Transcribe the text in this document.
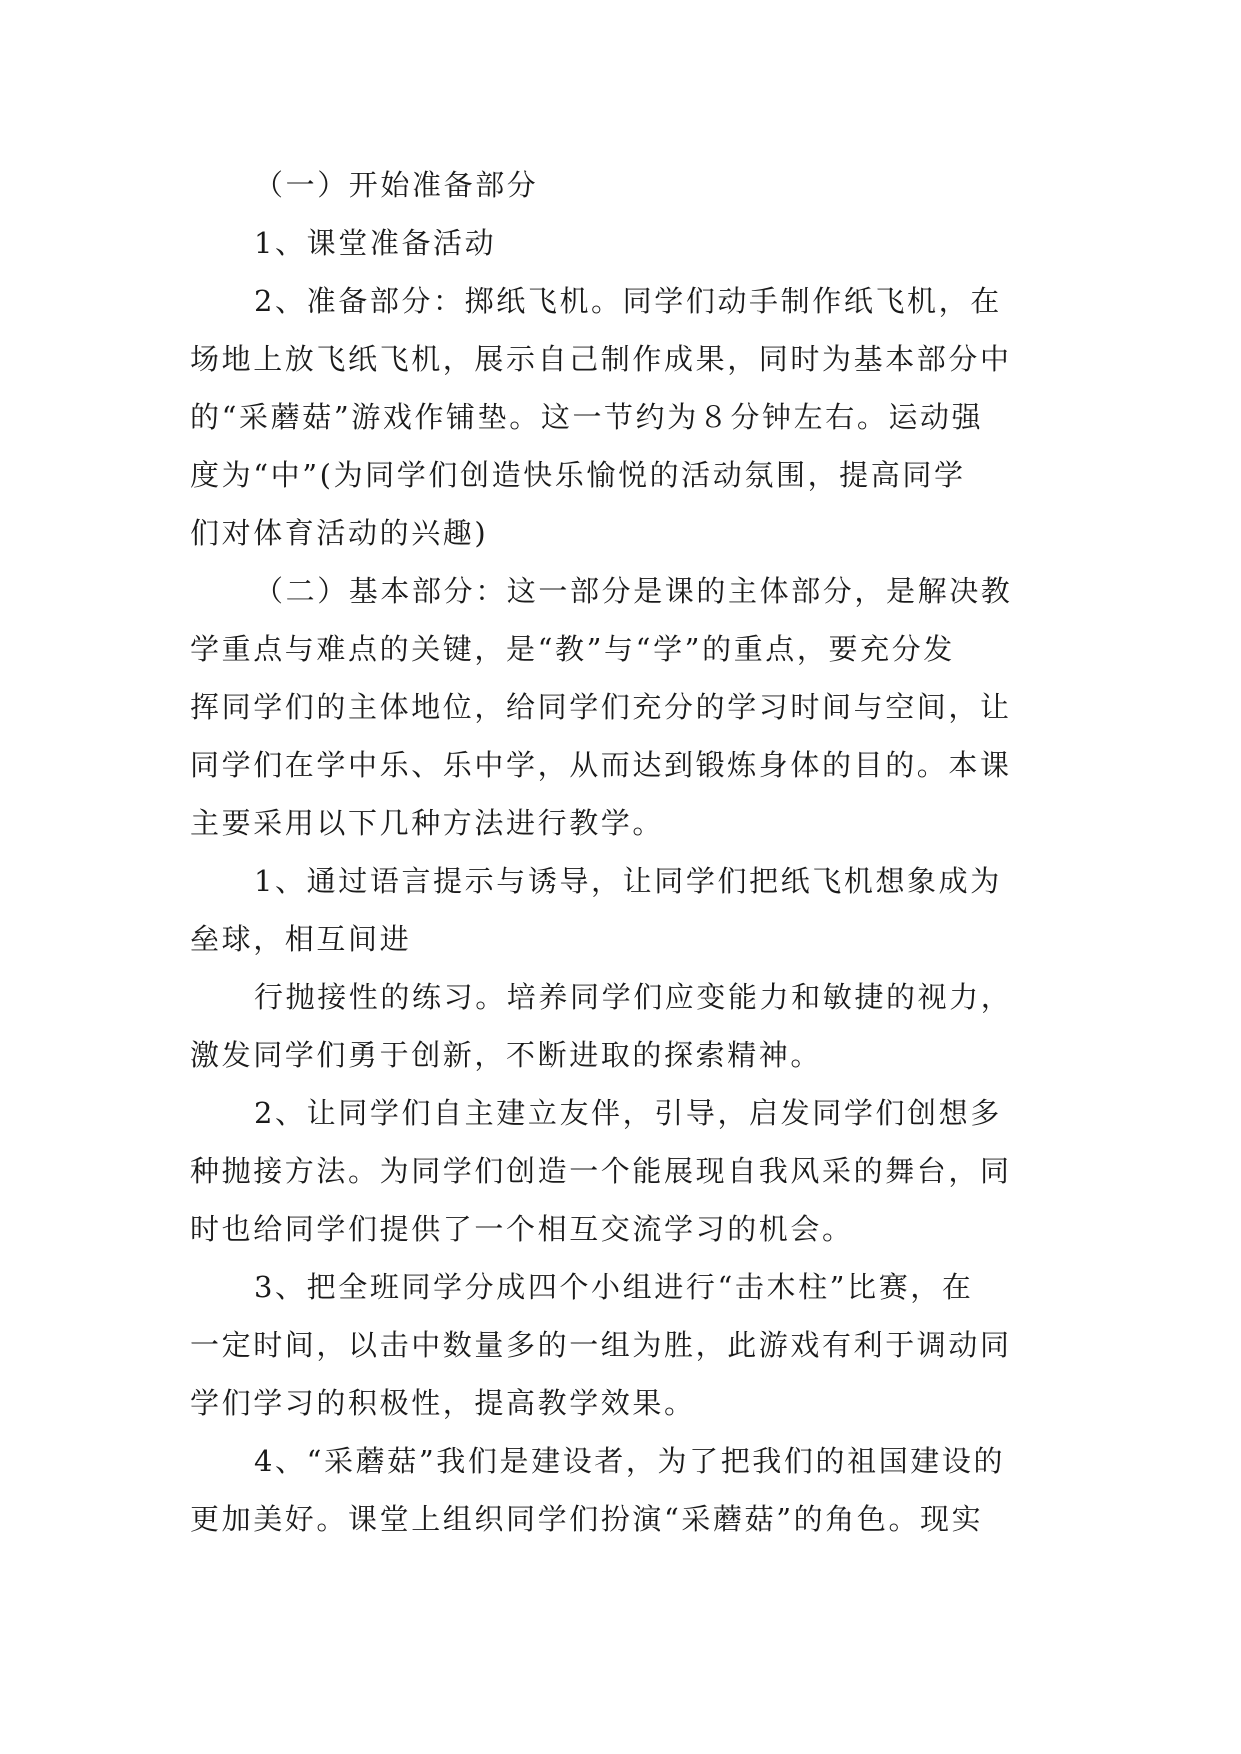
（一）开始准备部分
1、课堂准备活动
2、准备部分：掷纸飞机。同学们动手制作纸飞机，在
场地上放飞纸飞机，展示自己制作成果，同时为基本部分中
的“采蘑菇”游戏作铺垫。这一节约为８分钟左右。运动强
度为“中”(为同学们创造快乐愉悦的活动氛围，提高同学
们对体育活动的兴趣)
（二）基本部分：这一部分是课的主体部分，是解决教
学重点与难点的关键，是“教”与“学”的重点，要充分发
挥同学们的主体地位，给同学们充分的学习时间与空间，让
同学们在学中乐、乐中学，从而达到锻炼身体的目的。本课
主要采用以下几种方法进行教学。
1、通过语言提示与诱导，让同学们把纸飞机想象成为
垒球，相互间进
行抛接性的练习。培养同学们应变能力和敏捷的视力，
激发同学们勇于创新，不断进取的探索精神。
2、让同学们自主建立友伴，引导，启发同学们创想多
种抛接方法。为同学们创造一个能展现自我风采的舞台，同
时也给同学们提供了一个相互交流学习的机会。
3、把全班同学分成四个小组进行“击木柱”比赛，在
一定时间，以击中数量多的一组为胜，此游戏有利于调动同
学们学习的积极性，提高教学效果。
4、“采蘑菇”我们是建设者，为了把我们的祖国建设的
更加美好。课堂上组织同学们扮演“采蘑菇”的角色。现实
